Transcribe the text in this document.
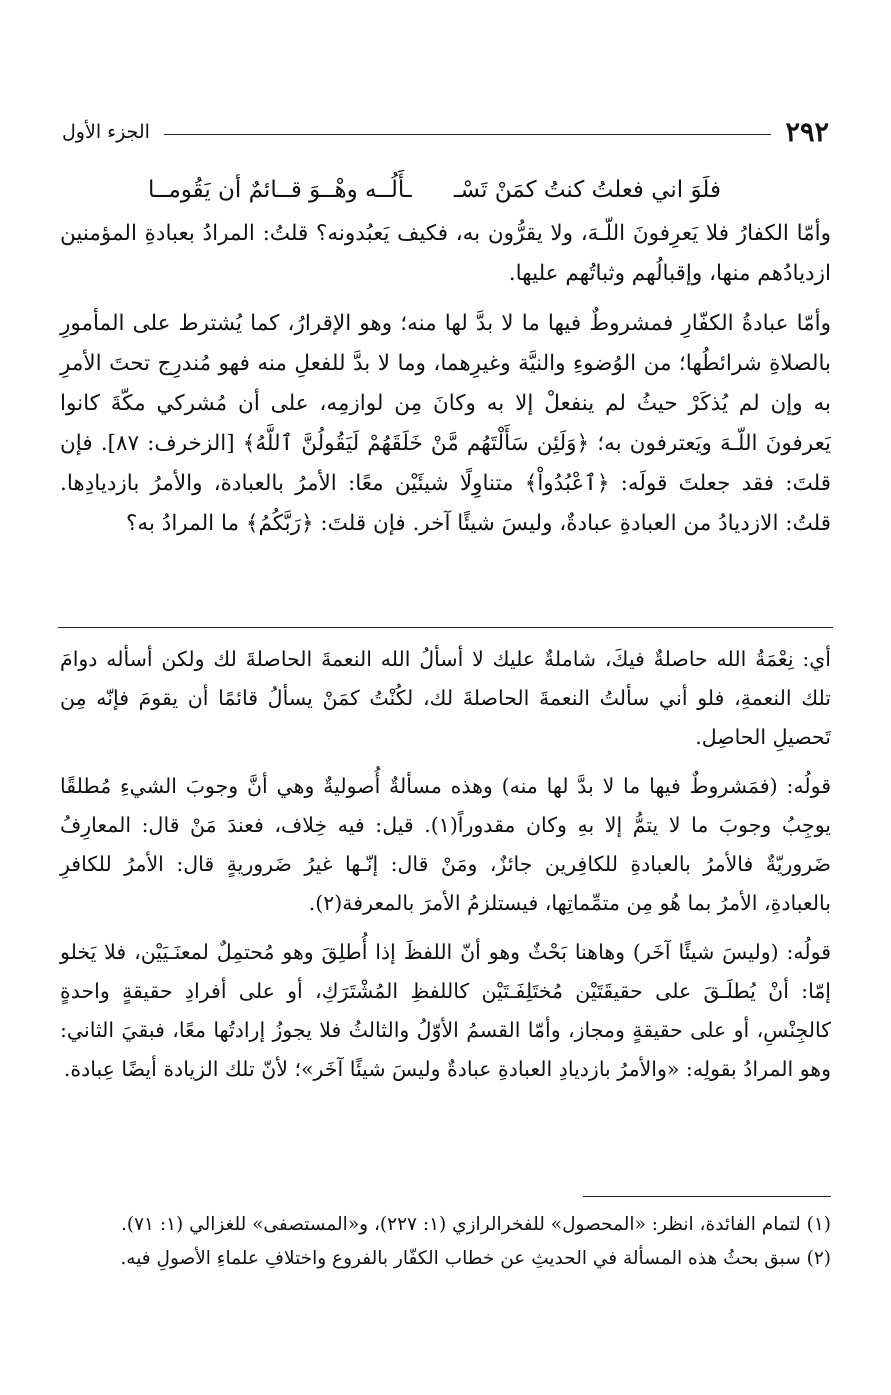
٢٩٢
الجزء الأول
فلَوَ اني فعلتُ كنتُ كمَنْ تَسْـ
ـأَلُــه وهْــوَ قــائمٌ أن يَقُومــا

وأمّا الكفارُ فلا يَعرِفونَ اللّـهَ، ولا يقرُّون به، فكيف يَعبُدونه؟ قلتُ: المرادُ بعبادةِ المؤمنين ازديادُهم منها، وإقبالُهم وثباتُهم عليها.

وأمّا عبادةُ الكفّارِ فمشروطٌ فيها ما لا بدَّ لها منه؛ وهو الإقرارُ، كما يُشترط على المأمورِ بالصلاةِ شرائطُها؛ من الوُضوءِ والنيَّة وغيرِهما، وما لا بدَّ للفعلِ منه فهو مُندرِج تحتَ الأمرِ به وإن لم يُذكَرْ حيثُ لم ينفعلْ إلا به وكانَ مِن لوازمِه، على أن مُشركي مكّةَ كانوا يَعرفونَ اللّـهَ ويَعترفون به؛ ﴿وَلَئِن سَأَلْتَهُم مَّنْ خَلَقَهُمْ لَيَقُولُنَّ ٱللَّهُ﴾ [الزخرف: ٨٧]. فإن قلتَ: فقد جعلتَ قولَه: ﴿ٱعْبُدُواْ﴾ متناوِلًا شيئَيْن معًا: الأمرُ بالعبادة، والأمرُ بازديادِها. قلتُ: الازديادُ من العبادةِ عبادةٌ، وليسَ شيئًا آخر. فإن قلتَ: ﴿رَبَّكُمُ﴾ ما المرادُ به؟

أي: نِعْمَةُ الله حاصلةٌ فيكَ، شاملةٌ عليك لا أسألُ الله النعمةَ الحاصلةَ لك ولكن أسأله دوامَ تلك النعمةِ، فلو أني سألتُ النعمةَ الحاصلةَ لك، لكُنْتُ كمَنْ يسألُ قائمًا أن يقومَ فإنّه مِن تَحصيلِ الحاصِل.

قولُه: (فمَشروطٌ فيها ما لا بدَّ لها منه) وهذه مسألةٌ أُصوليةٌ وهي أنَّ وجوبَ الشيءِ مُطلقًا يوجِبُ وجوبَ ما لا يتمُّ إلا بهِ وكان مقدوراً(١). قيل: فيه خِلاف، فعندَ مَنْ قال: المعارِفُ ضَروريّةٌ فالأمرُ بالعبادةِ للكافِرين جائزٌ، ومَنْ قال: إنّـها غيرُ ضَروريةٍ قال: الأمرُ للكافرِ بالعبادةِ، الأمرُ بما هُو مِن متمِّماتِها، فيستلزمُ الأمرَ بالمعرفة(٢).

قولُه: (وليسَ شيئًا آخَر) وهاهنا بَحْثٌ وهو أنّ اللفظَ إذا أُطلِقَ وهو مُحتمِلٌ لمعنَـيَيْن، فلا يَخلو إمّا: أنْ يُطلَـقَ على حقيقَتَيْن مُختَلِفَـتَيْن كاللفظِ المُشْتَرَكِ، أو على أفرادِ حقيقةٍ واحدةٍ كالجِنْسِ، أو على حقيقةٍ ومجاز، وأمّا القسمُ الأوّلُ والثالثُ فلا يجوزُ إرادتُها معًا، فبقيَ الثاني: وهو المرادُ بقولِه: «والأمرُ بازديادِ العبادةِ عبادةٌ وليسَ شيئًا آخَر»؛ لأنّ تلك الزيادة أيضًا عِبادة.

(١) لتمام الفائدة، انظر: «المحصول» للفخرالرازي (١: ٢٢٧)، و«المستصفى» للغزالي (١: ٧١).

(٢) سبق بحثُ هذه المسألة في الحديثِ عن خطاب الكفّار بالفروع واختلافِ علماءِ الأصولِ فيه.
